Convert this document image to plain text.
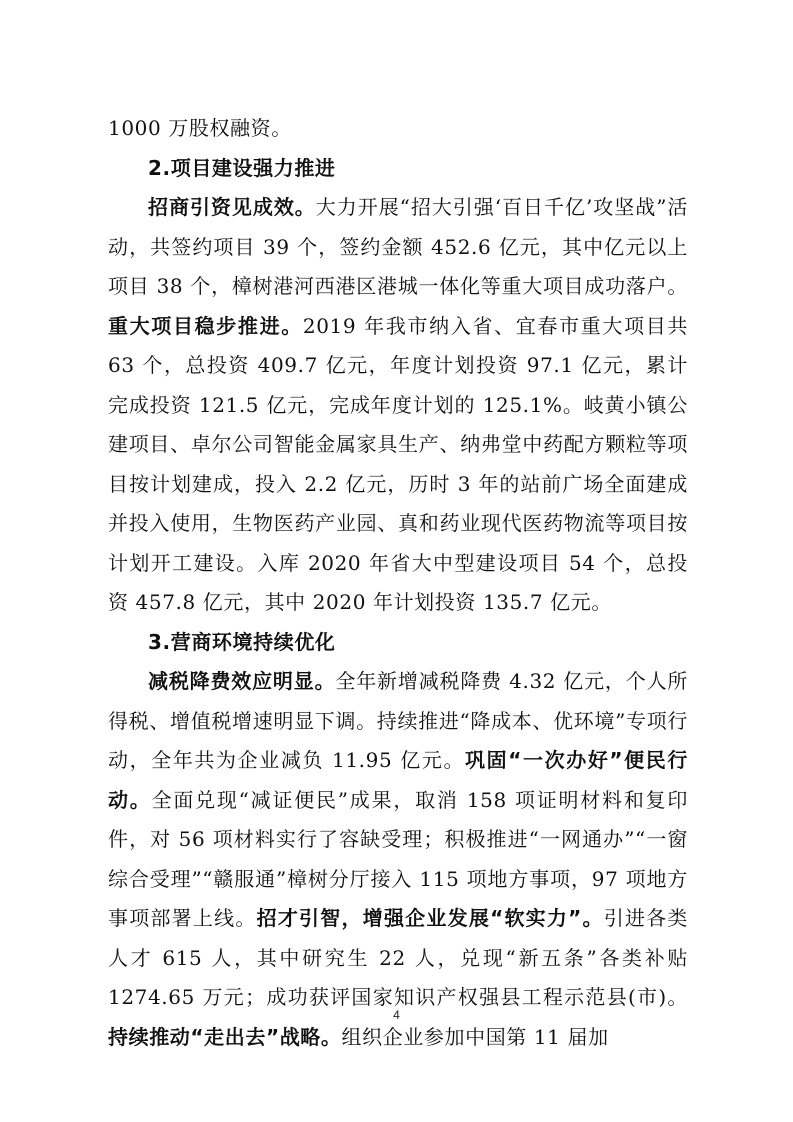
1000 万股权融资。

2.项目建设强力推进

招商引资见成效。大力开展“招大引强‘百日千亿’攻坚战”活动，共签约项目 39 个，签约金额 452.6 亿元，其中亿元以上项目 38 个，樟树港河西港区港城一体化等重大项目成功落户。重大项目稳步推进。2019 年我市纳入省、宜春市重大项目共 63 个，总投资 409.7 亿元，年度计划投资 97.1 亿元，累计完成投资 121.5 亿元，完成年度计划的 125.1%。岐黄小镇公建项目、卓尔公司智能金属家具生产、纳弗堂中药配方颗粒等项目按计划建成，投入 2.2 亿元，历时 3 年的站前广场全面建成并投入使用，生物医药产业园、真和药业现代医药物流等项目按计划开工建设。入库 2020 年省大中型建设项目 54 个，总投资 457.8 亿元，其中 2020 年计划投资 135.7 亿元。

3.营商环境持续优化

减税降费效应明显。全年新增减税降费 4.32 亿元，个人所得税、增值税增速明显下调。持续推进“降成本、优环境”专项行动，全年共为企业减负 11.95 亿元。巩固“一次办好”便民行动。全面兑现“减证便民”成果，取消 158 项证明材料和复印件，对 56 项材料实行了容缺受理；积极推进“一网通办”“一窗综合受理”“赣服通”樟树分厅接入 115 项地方事项，97 项地方事项部署上线。招才引智，增强企业发展“软实力”。引进各类人才 615 人，其中研究生 22 人，兑现“新五条”各类补贴 1274.65 万元；成功获评国家知识产权强县工程示范县(市)。持续推动“走出去”战略。组织企业参加中国第 11 届加

4
